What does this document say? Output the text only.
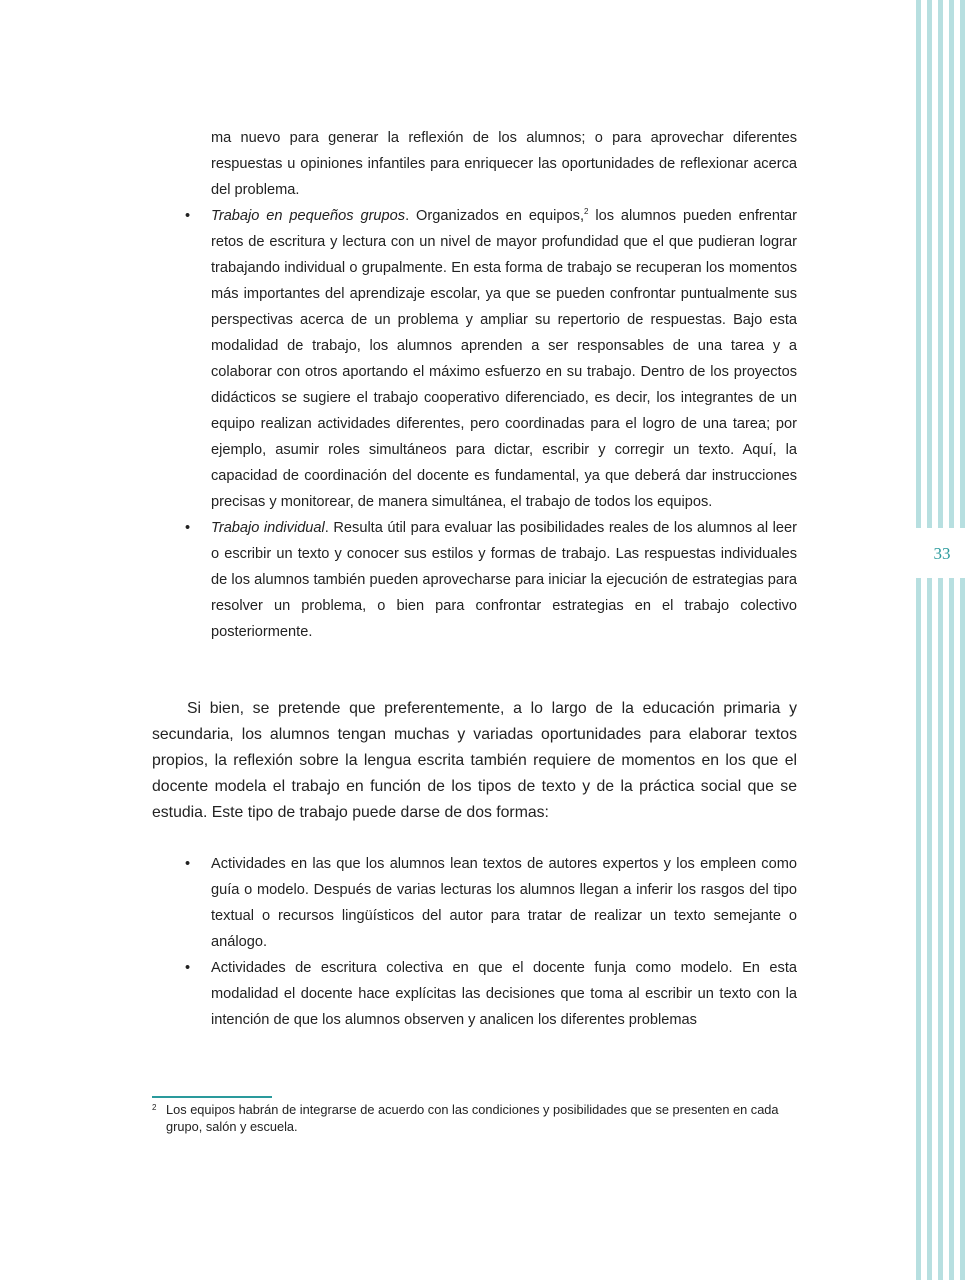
33
ma nuevo para generar la reflexión de los alumnos; o para aprovechar diferentes respuestas u opiniones infantiles para enriquecer las oportunidades de reflexionar acerca del problema.
• Trabajo en pequeños grupos. Organizados en equipos,$^2$ los alumnos pueden enfrentar retos de escritura y lectura con un nivel de mayor profundidad que el que pudieran lograr trabajando individual o grupalmente. En esta forma de trabajo se recuperan los momentos más importantes del aprendizaje escolar, ya que se pueden confrontar puntualmente sus perspectivas acerca de un problema y ampliar su repertorio de respuestas. Bajo esta modalidad de trabajo, los alumnos aprenden a ser responsables de una tarea y a colaborar con otros aportando el máximo esfuerzo en su trabajo. Dentro de los proyectos didácticos se sugiere el trabajo cooperativo diferenciado, es decir, los integrantes de un equipo realizan actividades diferentes, pero coordinadas para el logro de una tarea; por ejemplo, asumir roles simultáneos para dictar, escribir y corregir un texto. Aquí, la capacidad de coordinación del docente es fundamental, ya que deberá dar instrucciones precisas y monitorear, de manera simultánea, el trabajo de todos los equipos.
• Trabajo individual. Resulta útil para evaluar las posibilidades reales de los alumnos al leer o escribir un texto y conocer sus estilos y formas de trabajo. Las respuestas individuales de los alumnos también pueden aprovecharse para iniciar la ejecución de estrategias para resolver un problema, o bien para confrontar estrategias en el trabajo colectivo posteriormente.

Si bien, se pretende que preferentemente, a lo largo de la educación primaria y secundaria, los alumnos tengan muchas y variadas oportunidades para elaborar textos propios, la reflexión sobre la lengua escrita también requiere de momentos en los que el docente modela el trabajo en función de los tipos de texto y de la práctica social que se estudia. Este tipo de trabajo puede darse de dos formas:

• Actividades en las que los alumnos lean textos de autores expertos y los empleen como guía o modelo. Después de varias lecturas los alumnos llegan a inferir los rasgos del tipo textual o recursos lingüísticos del autor para tratar de realizar un texto semejante o análogo.
• Actividades de escritura colectiva en que el docente funja como modelo. En esta modalidad el docente hace explícitas las decisiones que toma al escribir un texto con la intención de que los alumnos observen y analicen los diferentes problemas
2 Los equipos habrán de integrarse de acuerdo con las condiciones y posibilidades que se presenten en cada grupo, salón y escuela.
